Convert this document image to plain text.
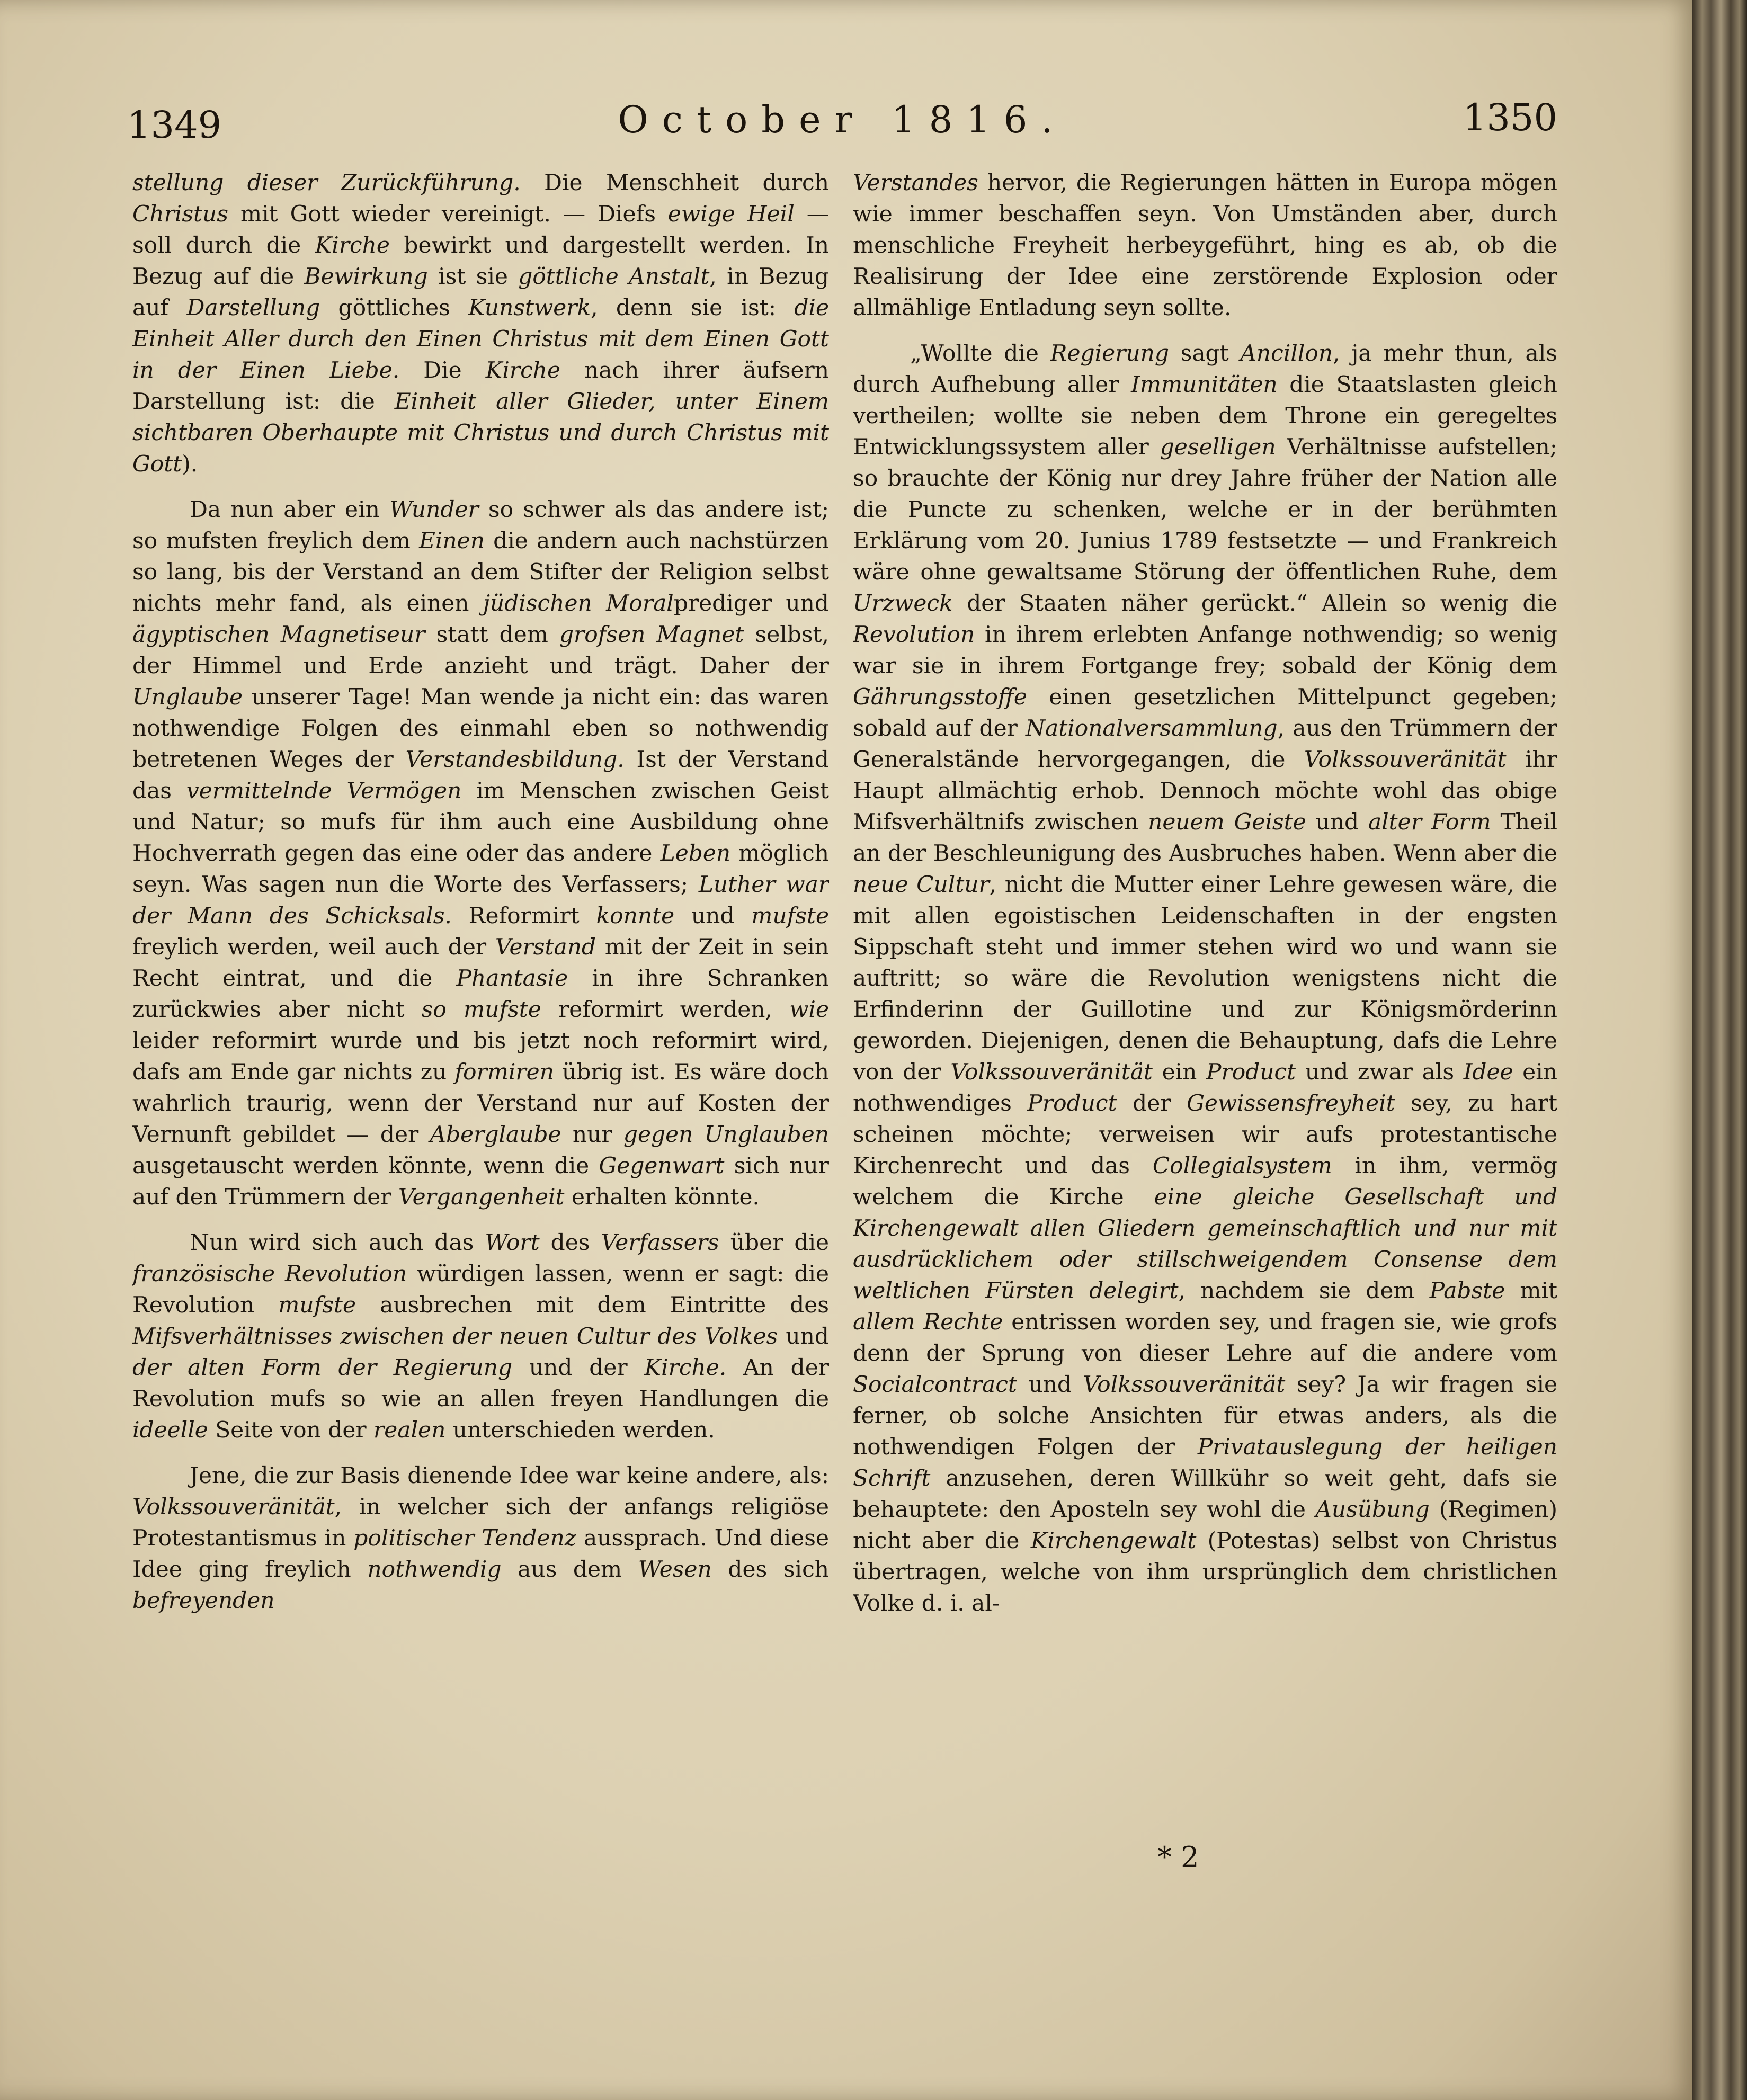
1349	October 1816.	1350

stellung dieser Zurückführung. Die Menschheit durch Christus mit Gott wieder vereinigt. — Diefs ewige Heil — soll durch die Kirche bewirkt und dargestellt werden. In Bezug auf die Bewirkung ist sie göttliche Anstalt, in Bezug auf Darstellung göttliches Kunstwerk, denn sie ist: die Einheit Aller durch den Einen Christus mit dem Einen Gott in der Einen Liebe. Die Kirche nach ihrer äufsern Darstellung ist: die Einheit aller Glieder, unter Einem sichtbaren Oberhaupte mit Christus und durch Christus mit Gott).

Da nun aber ein Wunder so schwer als das andere ist; so mufsten freylich dem Einen die andern auch nachstürzen so lang, bis der Verstand an dem Stifter der Religion selbst nichts mehr fand, als einen jüdischen Moralprediger und ägyptischen Magnetiseur statt dem grofsen Magnet selbst, der Himmel und Erde anzieht und trägt. Daher der Unglaube unserer Tage! Man wende ja nicht ein: das waren nothwendige Folgen des einmahl eben so nothwendig betretenen Weges der Verstandesbildung. Ist der Verstand das vermittelnde Vermögen im Menschen zwischen Geist und Natur; so mufs für ihm auch eine Ausbildung ohne Hochverrath gegen das eine oder das andere Leben möglich seyn. Was sagen nun die Worte des Verfassers; Luther war der Mann des Schicksals. Reformirt konnte und mufste freylich werden, weil auch der Verstand mit der Zeit in sein Recht eintrat, und die Phantasie in ihre Schranken zurückwies aber nicht so mufste reformirt werden, wie leider reformirt wurde und bis jetzt noch reformirt wird, dafs am Ende gar nichts zu formiren übrig ist. Es wäre doch wahrlich traurig, wenn der Verstand nur auf Kosten der Vernunft gebildet — der Aberglaube nur gegen Unglauben ausgetauscht werden könnte, wenn die Gegenwart sich nur auf den Trümmern der Vergangenheit erhalten könnte.

Nun wird sich auch das Wort des Verfassers über die französische Revolution würdigen lassen, wenn er sagt: die Revolution mufste ausbrechen mit dem Eintritte des Mifsverhältnisses zwischen der neuen Cultur des Volkes und der alten Form der Regierung und der Kirche. An der Revolution mufs so wie an allen freyen Handlungen die ideelle Seite von der realen unterschieden werden.

Jene, die zur Basis dienende Idee war keine andere, als: Volkssouveränität, in welcher sich der anfangs religiöse Protestantismus in politischer Tendenz aussprach. Und diese Idee ging freylich nothwendig aus dem Wesen des sich befreyenden

Verstandes hervor, die Regierungen hätten in Europa mögen wie immer beschaffen seyn. Von Umständen aber, durch menschliche Freyheit herbeygeführt, hing es ab, ob die Realisirung der Idee eine zerstörende Explosion oder allmählige Entladung seyn sollte.

„Wollte die Regierung sagt Ancillon, ja mehr thun, als durch Aufhebung aller Immunitäten die Staatslasten gleich vertheilen; wollte sie neben dem Throne ein geregeltes Entwicklungssystem aller geselligen Verhältnisse aufstellen; so brauchte der König nur drey Jahre früher der Nation alle die Puncte zu schenken, welche er in der berühmten Erklärung vom 20. Junius 1789 festsetzte — und Frankreich wäre ohne gewaltsame Störung der öffentlichen Ruhe, dem Urzweck der Staaten näher gerückt.“ Allein so wenig die Revolution in ihrem erlebten Anfange nothwendig; so wenig war sie in ihrem Fortgange frey; sobald der König dem Gährungsstoffe einen gesetzlichen Mittelpunct gegeben; sobald auf der Nationalversammlung, aus den Trümmern der Generalstände hervorgegangen, die Volkssouveränität ihr Haupt allmächtig erhob. Dennoch möchte wohl das obige Mifsverhältnifs zwischen neuem Geiste und alter Form Theil an der Beschleunigung des Ausbruches haben. Wenn aber die neue Cultur, nicht die Mutter einer Lehre gewesen wäre, die mit allen egoistischen Leidenschaften in der engsten Sippschaft steht und immer stehen wird wo und wann sie auftritt; so wäre die Revolution wenigstens nicht die Erfinderinn der Guillotine und zur Königsmörderinn geworden. Diejenigen, denen die Behauptung, dafs die Lehre von der Volkssouveränität ein Product und zwar als Idee ein nothwendiges Product der Gewissensfreyheit sey, zu hart scheinen möchte; verweisen wir aufs protestantische Kirchenrecht und das Collegialsystem in ihm, vermög welchem die Kirche eine gleiche Gesellschaft und Kirchengewalt allen Gliedern gemeinschaftlich und nur mit ausdrücklichem oder stillschweigendem Consense dem weltlichen Fürsten delegirt, nachdem sie dem Pabste mit allem Rechte entrissen worden sey, und fragen sie, wie grofs denn der Sprung von dieser Lehre auf die andere vom Socialcontract und Volkssouveränität sey? Ja wir fragen sie ferner, ob solche Ansichten für etwas anders, als die nothwendigen Folgen der Privatauslegung der heiligen Schrift anzusehen, deren Willkühr so weit geht, dafs sie behauptete: den Aposteln sey wohl die Ausübung (Regimen) nicht aber die Kirchengewalt (Potestas) selbst von Christus übertragen, welche von ihm ursprünglich dem christlichen Volke d. i. al-

* 2
